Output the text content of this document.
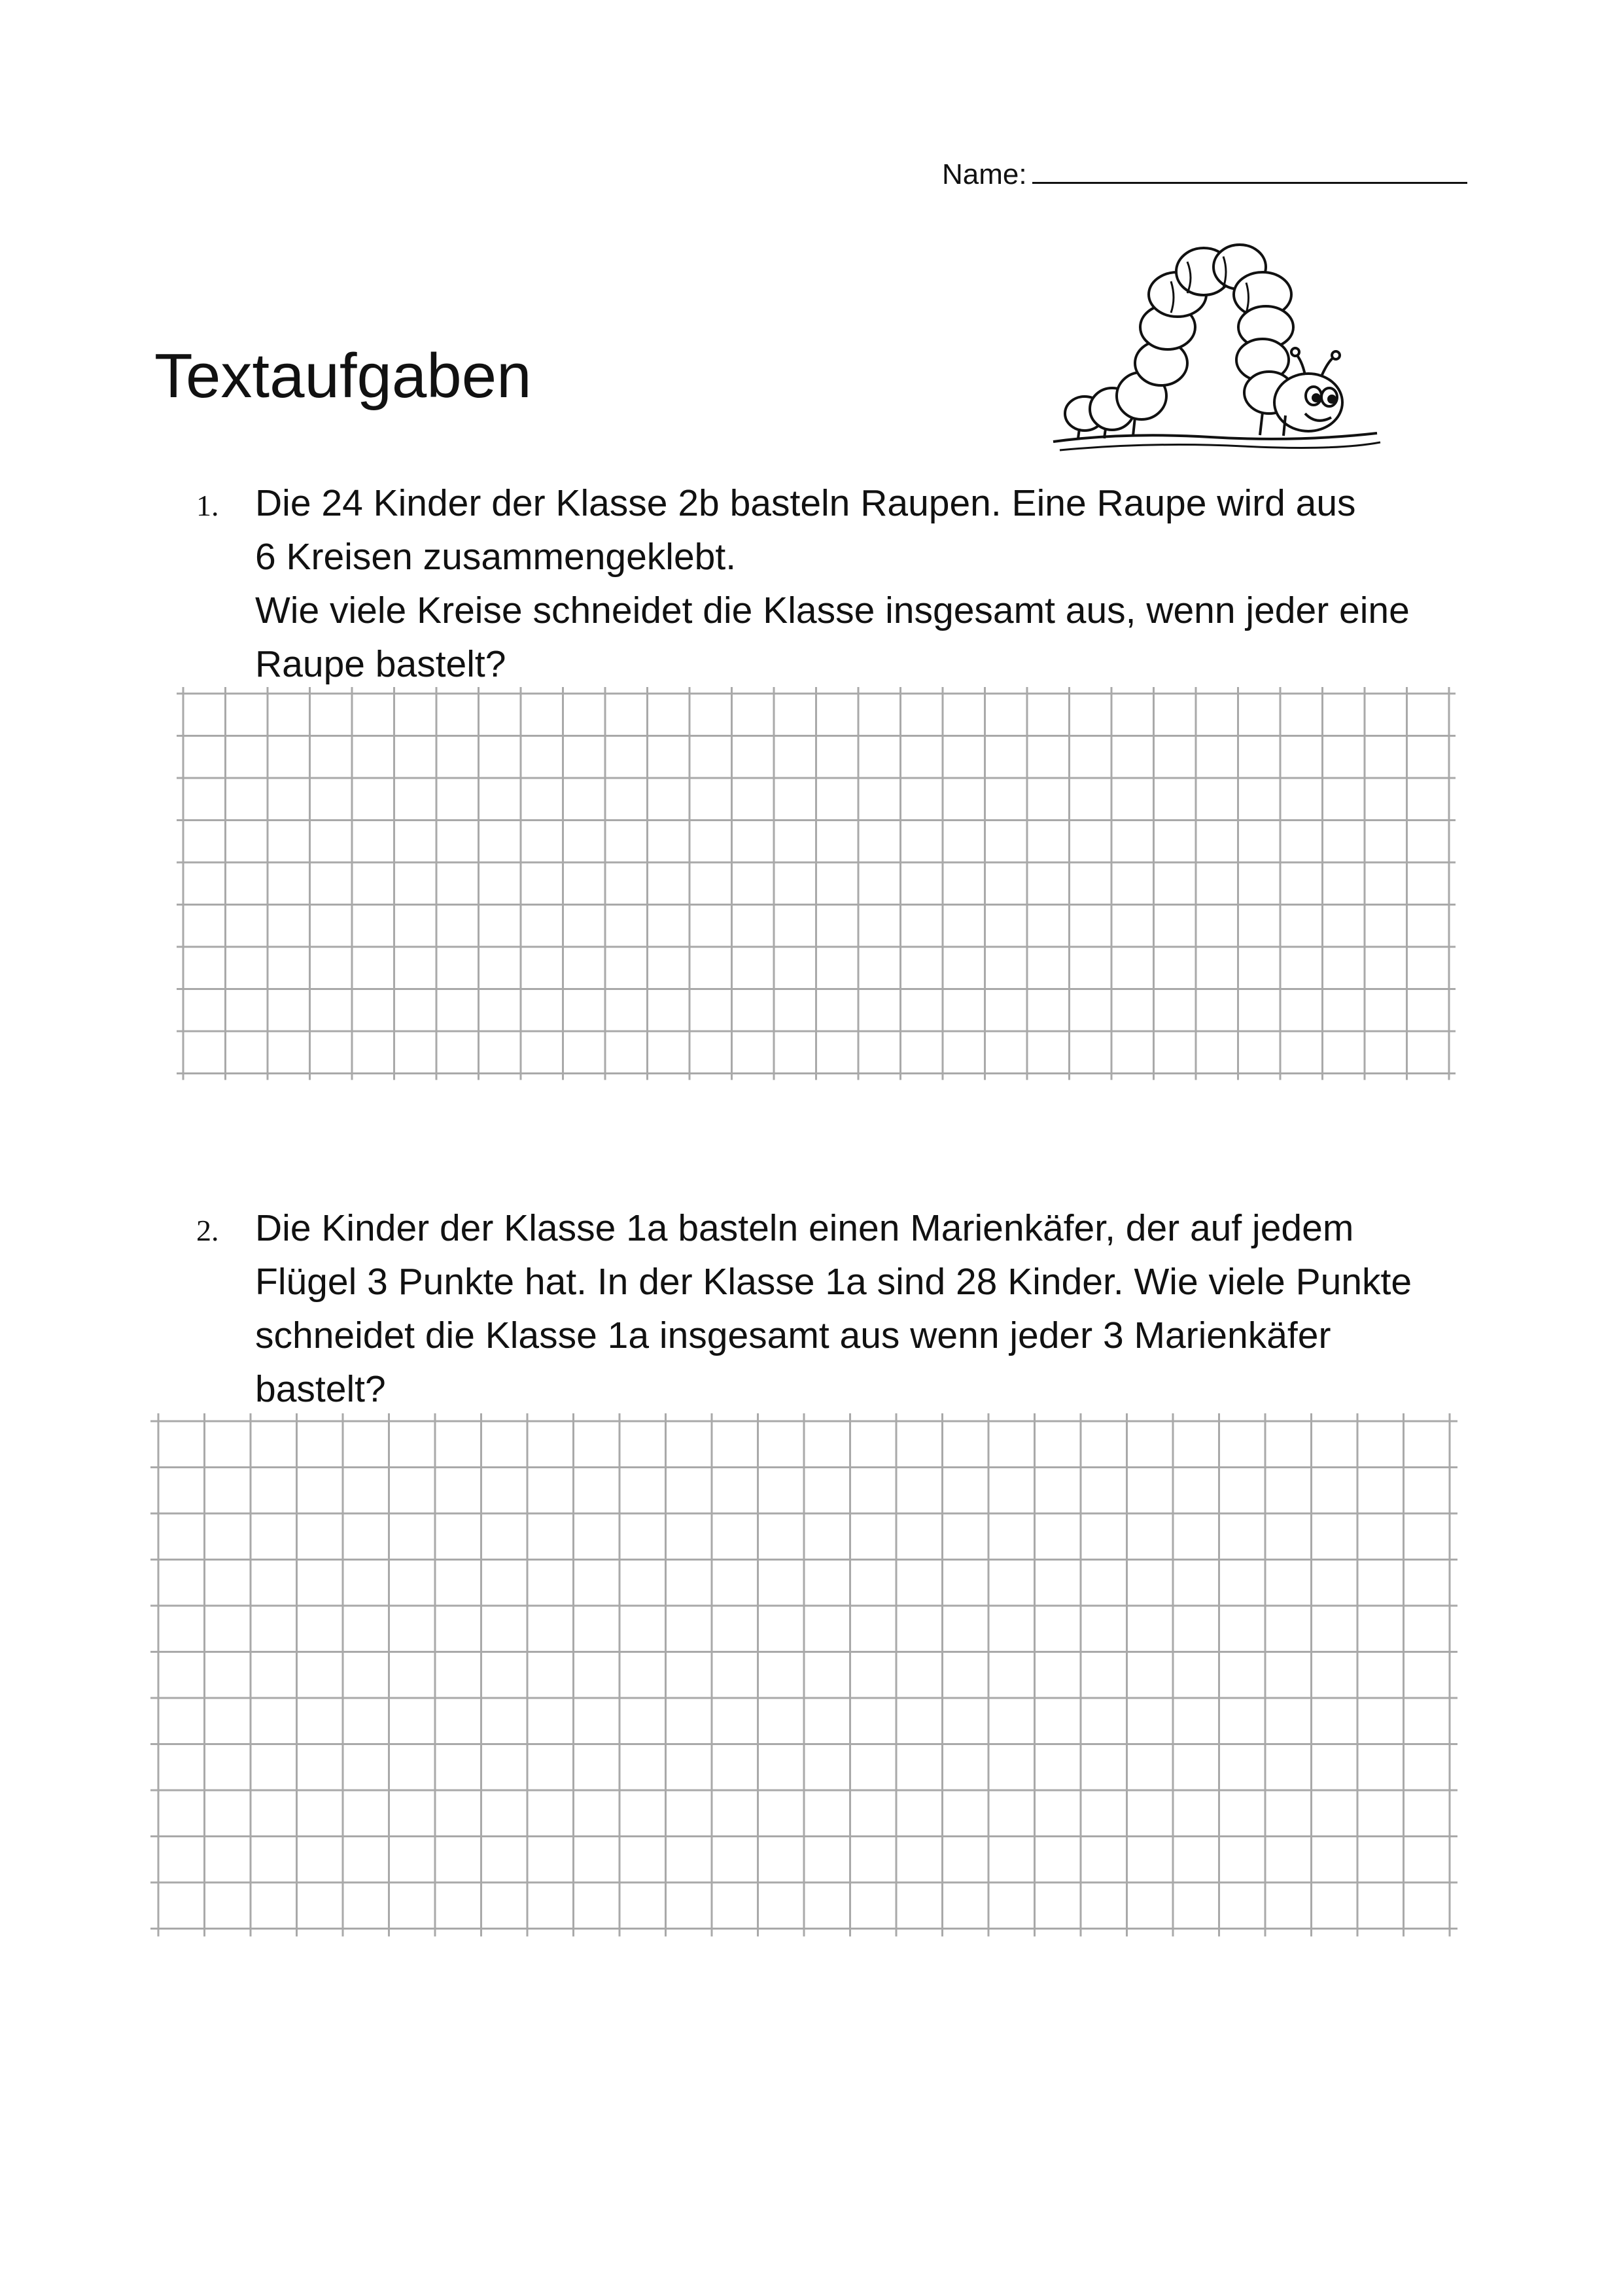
Name:
Textaufgaben
1. Die 24 Kinder der Klasse 2b basteln Raupen. Eine Raupe wird aus

6 Kreisen zusammengeklebt.

Wie viele Kreise schneidet die Klasse insgesamt aus, wenn jeder eine

Raupe bastelt?

2. Die Kinder der Klasse 1a basteln einen Marienkäfer, der auf jedem

Flügel 3 Punkte hat. In der Klasse 1a sind 28 Kinder. Wie viele Punkte

schneidet die Klasse 1a insgesamt aus wenn jeder 3 Marienkäfer

bastelt?
